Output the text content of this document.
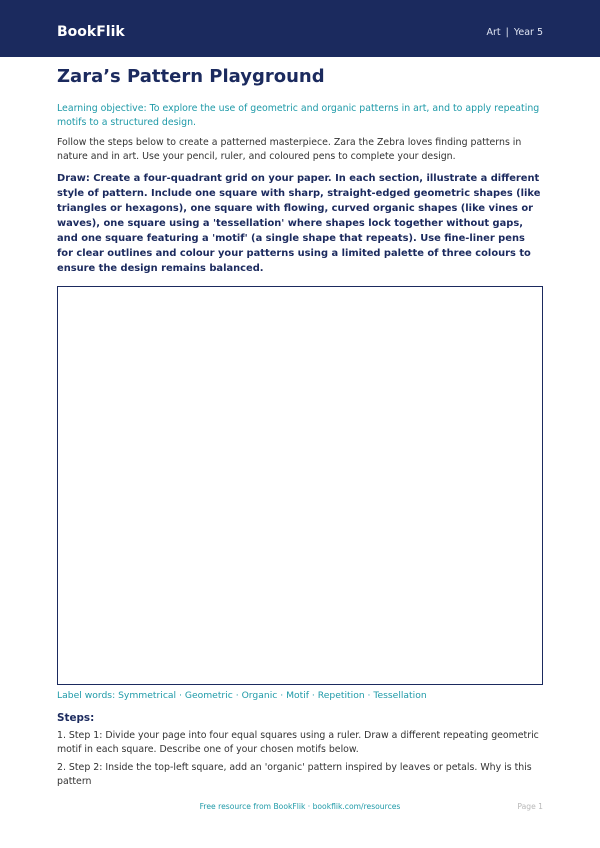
BookFlik	Art | Year 5
Zara’s Pattern Playground

Learning objective: To explore the use of geometric and organic patterns in art, and to apply repeating motifs to a structured design.

Follow the steps below to create a patterned masterpiece. Zara the Zebra loves finding patterns in nature and in art. Use your pencil, ruler, and coloured pens to complete your design.

Draw: Create a four-quadrant grid on your paper. In each section, illustrate a different style of pattern. Include one square with sharp, straight-edged geometric shapes (like triangles or hexagons), one square with flowing, curved organic shapes (like vines or waves), one square using a 'tessellation' where shapes lock together without gaps, and one square featuring a 'motif' (a single shape that repeats). Use fine-liner pens for clear outlines and colour your patterns using a limited palette of three colours to ensure the design remains balanced.

Label words: Symmetrical · Geometric · Organic · Motif · Repetition · Tessellation
Steps:
1. Step 1: Divide your page into four equal squares using a ruler. Draw a different repeating geometric motif in each square. Describe one of your chosen motifs below.
2. Step 2: Inside the top-left square, add an 'organic' pattern inspired by leaves or petals. Why is this pattern
Free resource from BookFlik · bookflik.com/resources	Page 1
